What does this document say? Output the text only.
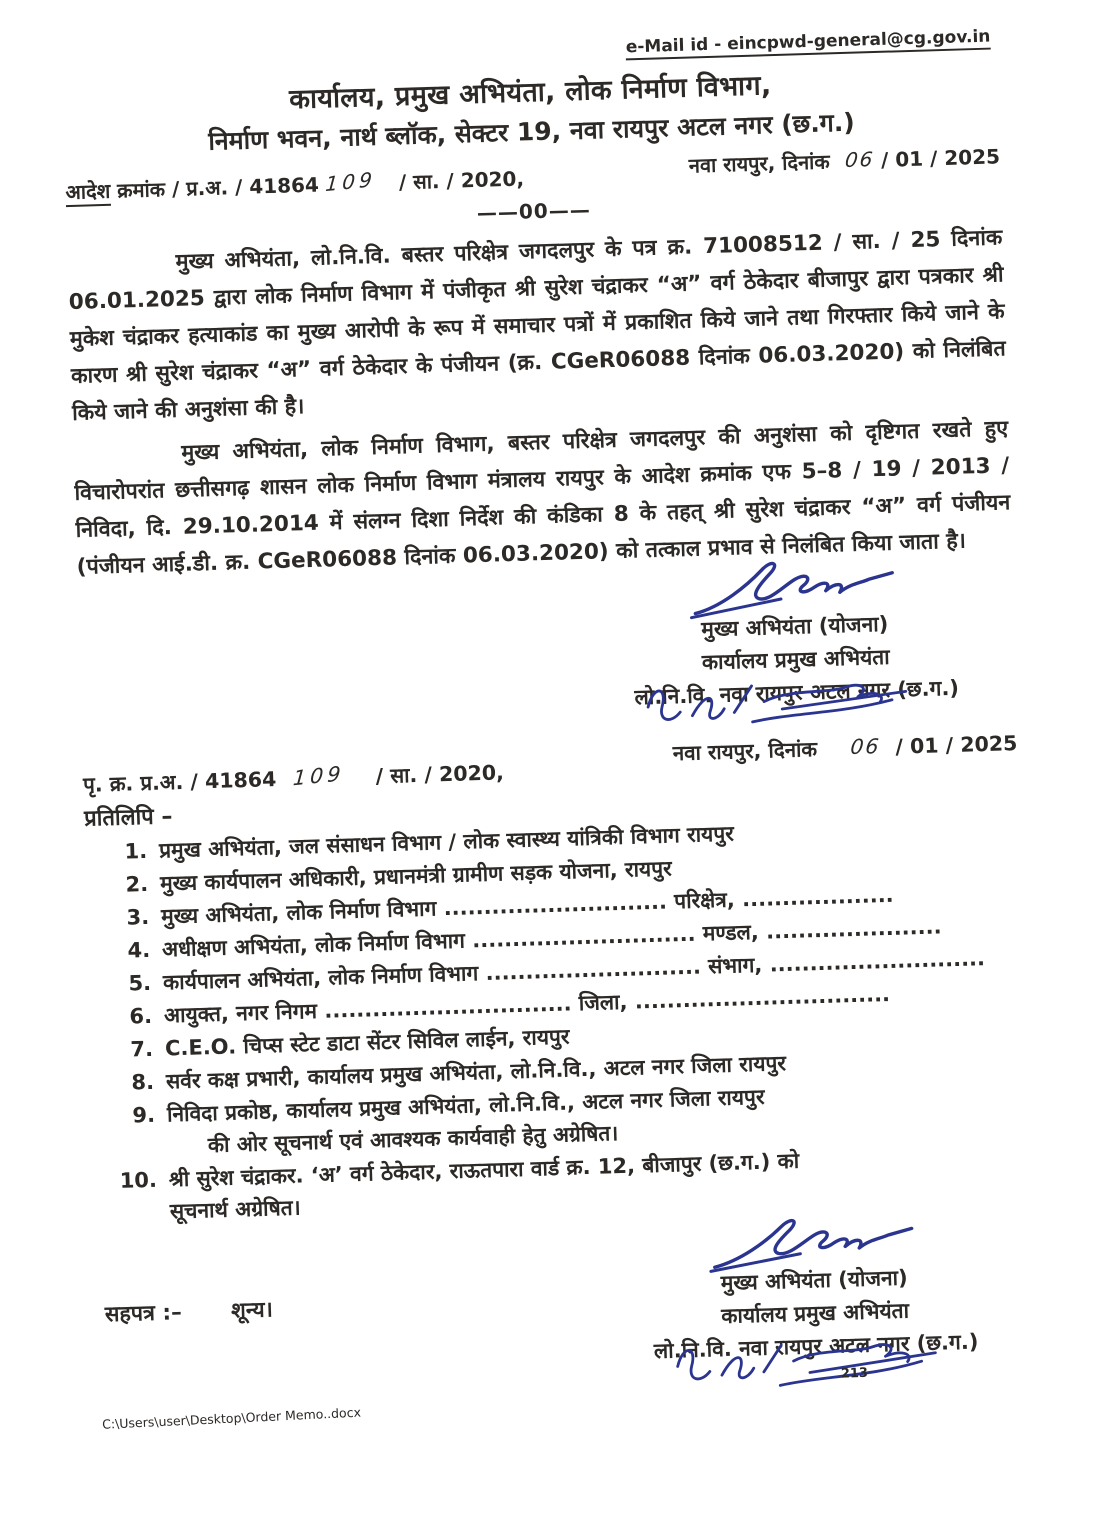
e-Mail id - eincpwd-general@cg.gov.in
कार्यालय, प्रमुख अभियंता, लोक निर्माण विभाग,
निर्माण भवन, नार्थ ब्लॉक, सेक्टर 19, नवा रायपुर अटल नगर (छ.ग.)
आदेश क्रमांक / प्र.अ. / 41864 109 / सा. / 2020,
नवा रायपुर, दिनांक 06 / 01 / 2025
——00——
मुख्य अभियंता, लो.नि.वि. बस्तर परिक्षेत्र जगदलपुर के पत्र क्र. 71008512 / सा. / 25 दिनांक 06.01.2025 द्वारा लोक निर्माण विभाग में पंजीकृत श्री सुरेश चंद्राकर “अ” वर्ग ठेकेदार बीजापुर द्वारा पत्रकार श्री मुकेश चंद्राकर हत्याकांड का मुख्य आरोपी के रूप में समाचार पत्रों में प्रकाशित किये जाने तथा गिरफ्तार किये जाने के कारण श्री सुरेश चंद्राकर “अ” वर्ग ठेकेदार के पंजीयन (क्र. CGeR06088 दिनांक 06.03.2020) को निलंबित किये जाने की अनुशंसा की है।
मुख्य अभियंता, लोक निर्माण विभाग, बस्तर परिक्षेत्र जगदलपुर की अनुशंसा को दृष्टिगत रखते हुए विचारोपरांत छत्तीसगढ़ शासन लोक निर्माण विभाग मंत्रालय रायपुर के आदेश क्रमांक एफ 5–8 / 19 / 2013 / निविदा, दि. 29.10.2014 में संलग्न दिशा निर्देश की कंडिका 8 के तहत् श्री सुरेश चंद्राकर “अ” वर्ग पंजीयन (पंजीयन आई.डी. क्र. CGeR06088 दिनांक 06.03.2020) को तत्काल प्रभाव से निलंबित किया जाता है।
मुख्य अभियंता (योजना)
कार्यालय प्रमुख अभियंता
लो.नि.वि. नवा रायपुर अटल नगर (छ.ग.)
पृ. क्र. प्र.अ. / 41864 109 / सा. / 2020,
नवा रायपुर, दिनांक 06 / 01 / 2025
प्रतिलिपि –
1. प्रमुख अभियंता, जल संसाधन विभाग / लोक स्वास्थ्य यांत्रिकी विभाग रायपुर
2. मुख्य कार्यपालन अधिकारी, प्रधानमंत्री ग्रामीण सड़क योजना, रायपुर
3. मुख्य अभियंता, लोक निर्माण विभाग ............................ परिक्षेत्र, ...................
4. अधीक्षण अभियंता, लोक निर्माण विभाग ............................ मण्डल, ......................
5. कार्यपालन अभियंता, लोक निर्माण विभाग ........................... संभाग, ...........................
6. आयुक्त, नगर निगम ............................... जिला, ................................
7. C.E.O. चिप्स स्टेट डाटा सेंटर सिविल लाईन, रायपुर
8. सर्वर कक्ष प्रभारी, कार्यालय प्रमुख अभियंता, लो.नि.वि., अटल नगर जिला रायपुर
9. निविदा प्रकोष्ठ, कार्यालय प्रमुख अभियंता, लो.नि.वि., अटल नगर जिला रायपुर
की ओर सूचनार्थ एवं आवश्यक कार्यवाही हेतु अग्रेषित।
10. श्री सुरेश चंद्राकर. ‘अ’ वर्ग ठेकेदार, राऊतपारा वार्ड क्र. 12, बीजापुर (छ.ग.) को
सूचनार्थ अग्रेषित।
सहपत्र :– शून्य।
मुख्य अभियंता (योजना)
कार्यालय प्रमुख अभियंता
लो.नि.वि. नवा रायपुर अटल नगर (छ.ग.)
C:\Users\user\Desktop\Order Memo..docx
213
